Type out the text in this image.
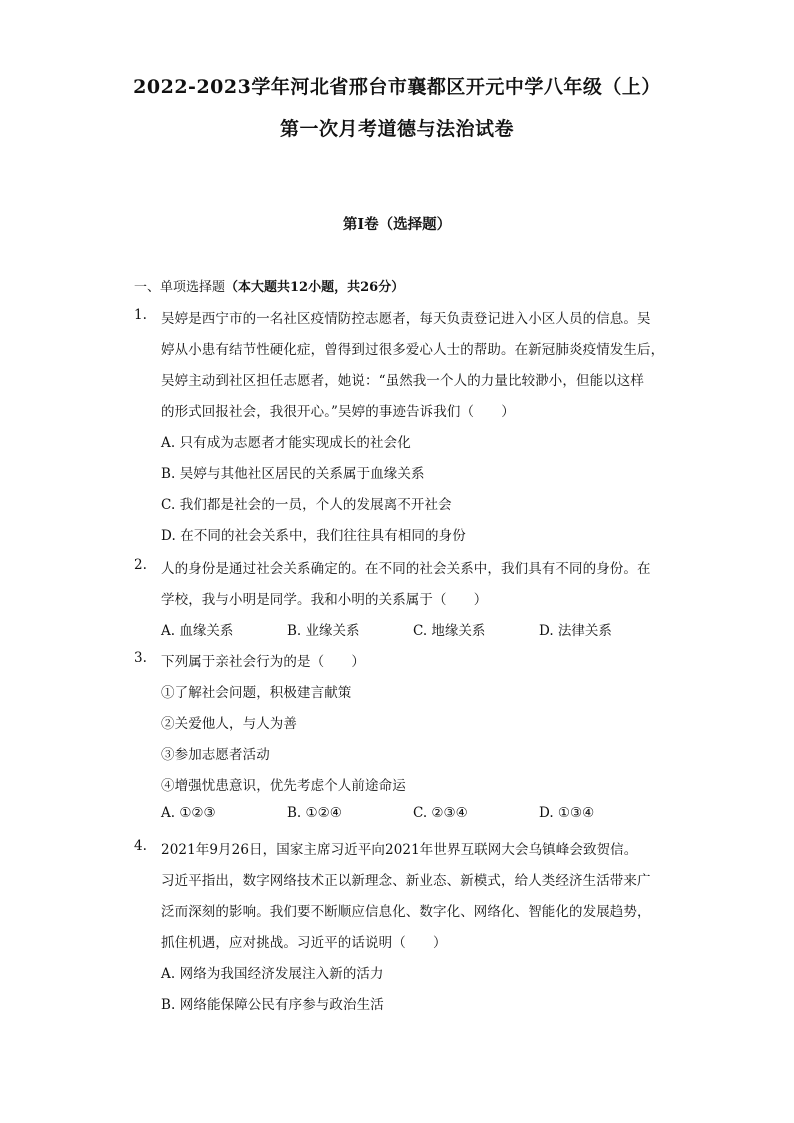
2022-2023学年河北省邢台市襄都区开元中学八年级（上）
第一次月考道德与法治试卷
第Ⅰ卷（选择题）
一、单项选择题（本大题共12小题，共26分）
1. 吴婷是西宁市的一名社区疫情防控志愿者，每天负责登记进入小区人员的信息。吴
婷从小患有结节性硬化症，曾得到过很多爱心人士的帮助。在新冠肺炎疫情发生后，
吴婷主动到社区担任志愿者，她说：“虽然我一个人的力量比较渺小，但能以这样
的形式回报社会，我很开心。”吴婷的事迹告诉我们（　　）
A. 只有成为志愿者才能实现成长的社会化
B. 吴婷与其他社区居民的关系属于血缘关系
C. 我们都是社会的一员，个人的发展离不开社会
D. 在不同的社会关系中，我们往往具有相同的身份
2. 人的身份是通过社会关系确定的。在不同的社会关系中，我们具有不同的身份。在
学校，我与小明是同学。我和小明的关系属于（　　）
A. 血缘关系	B. 业缘关系	C. 地缘关系	D. 法律关系
3. 下列属于亲社会行为的是（　　）
①了解社会问题，积极建言献策
②关爱他人，与人为善
③参加志愿者活动
④增强忧患意识，优先考虑个人前途命运
A. ①②③	B. ①②④	C. ②③④	D. ①③④
4. 2021年9月26日，国家主席习近平向2021年世界互联网大会乌镇峰会致贺信。
习近平指出，数字网络技术正以新理念、新业态、新模式，给人类经济生活带来广
泛而深刻的影响。我们要不断顺应信息化、数字化、网络化、智能化的发展趋势，
抓住机遇，应对挑战。习近平的话说明（　　）
A. 网络为我国经济发展注入新的活力
B. 网络能保障公民有序参与政治生活
